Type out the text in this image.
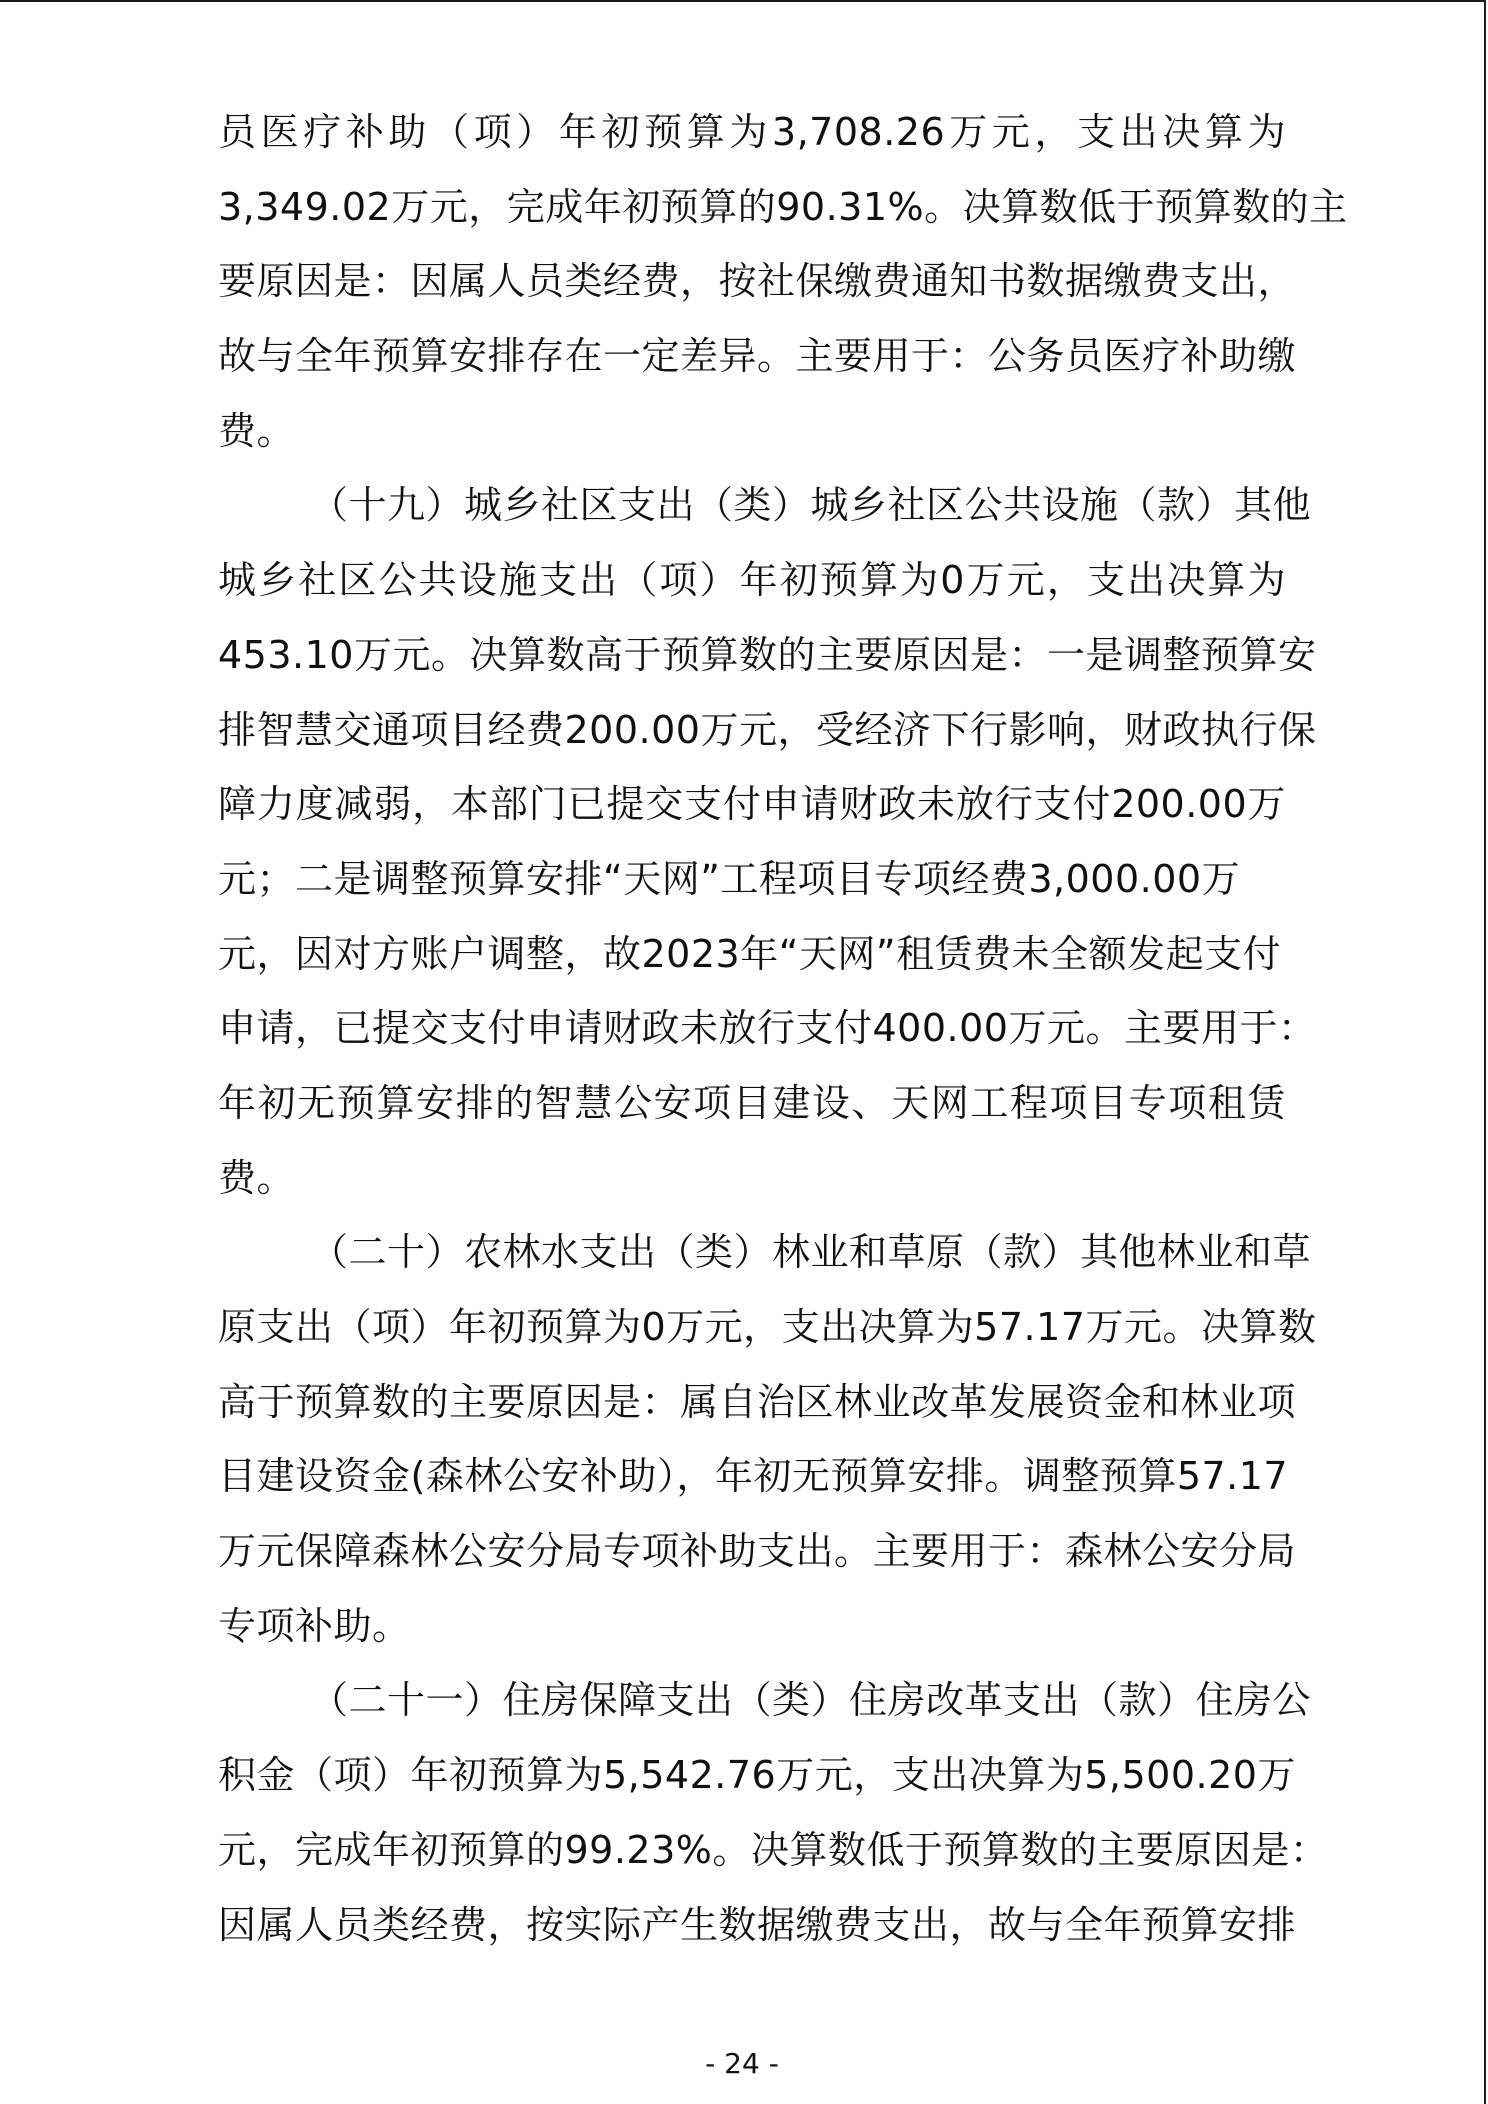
员医疗补助（项）年初预算为3,708.26万元，支出决算为
3,349.02万元，完成年初预算的90.31%。决算数低于预算数的主
要原因是：因属人员类经费，按社保缴费通知书数据缴费支出，
故与全年预算安排存在一定差异。主要用于：公务员医疗补助缴
费。
（十九）城乡社区支出（类）城乡社区公共设施（款）其他
城乡社区公共设施支出（项）年初预算为0万元，支出决算为
453.10万元。决算数高于预算数的主要原因是：一是调整预算安
排智慧交通项目经费200.00万元，受经济下行影响，财政执行保
障力度减弱，本部门已提交支付申请财政未放行支付200.00万
元；二是调整预算安排“天网”工程项目专项经费3,000.00万
元，因对方账户调整，故2023年“天网”租赁费未全额发起支付
申请，已提交支付申请财政未放行支付400.00万元。主要用于：
年初无预算安排的智慧公安项目建设、天网工程项目专项租赁
费。
（二十）农林水支出（类）林业和草原（款）其他林业和草
原支出（项）年初预算为0万元，支出决算为57.17万元。决算数
高于预算数的主要原因是：属自治区林业改革发展资金和林业项
目建设资金(森林公安补助），年初无预算安排。调整预算57.17
万元保障森林公安分局专项补助支出。主要用于：森林公安分局
专项补助。
（二十一）住房保障支出（类）住房改革支出（款）住房公
积金（项）年初预算为5,542.76万元，支出决算为5,500.20万
元，完成年初预算的99.23%。决算数低于预算数的主要原因是：
因属人员类经费，按实际产生数据缴费支出，故与全年预算安排
- 24 -
